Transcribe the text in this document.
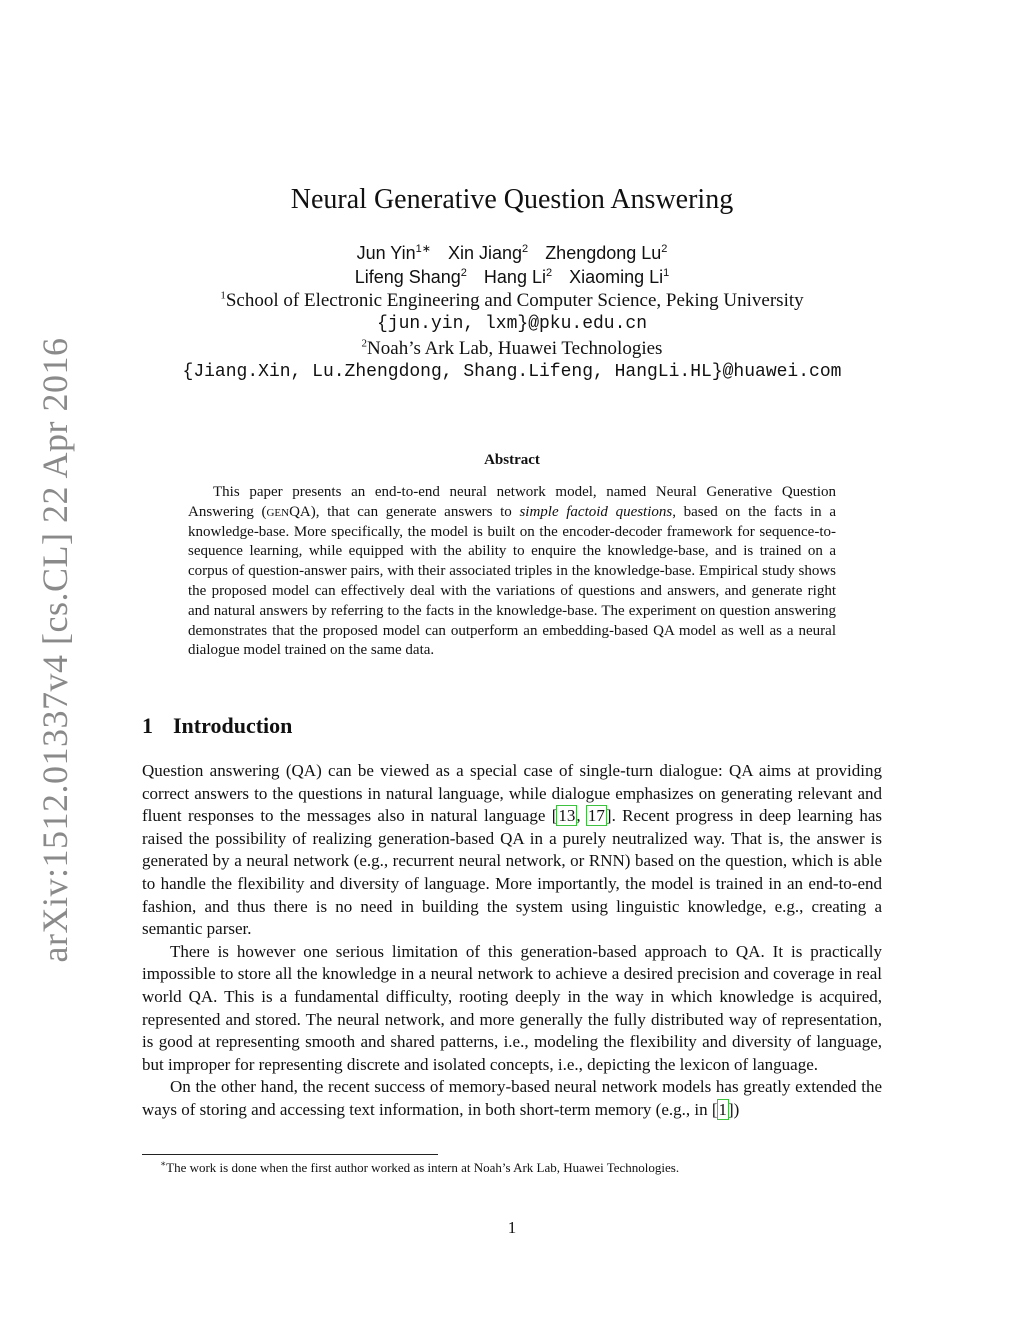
arXiv:1512.01337v4 [cs.CL] 22 Apr 2016
Neural Generative Question Answering
Jun Yin$^{1∗}$ Xin Jiang$^2$ Zhengdong Lu$^2$
Lifeng Shang$^2$ Hang Li$^2$ Xiaoming Li$^1$
$^1$School of Electronic Engineering and Computer Science, Peking University
{jun.yin, lxm}@pku.edu.cn
$^2$Noah’s Ark Lab, Huawei Technologies
{Jiang.Xin, Lu.Zhengdong, Shang.Lifeng, HangLi.HL}@huawei.com
Abstract

This paper presents an end-to-end neural network model, named Neural Generative Question Answering (genQA), that can generate answers to simple factoid questions, based on the facts in a knowledge-base. More specifically, the model is built on the encoder-decoder framework for sequence-to-sequence learning, while equipped with the ability to enquire the knowledge-base, and is trained on a corpus of question-answer pairs, with their associated triples in the knowledge-base. Empirical study shows the proposed model can effectively deal with the variations of questions and answers, and generate right and natural answers by referring to the facts in the knowledge-base. The experiment on question answering demonstrates that the proposed model can outperform an embedding-based QA model as well as a neural dialogue model trained on the same data.

1 Introduction

Question answering (QA) can be viewed as a special case of single-turn dialogue: QA aims at providing correct answers to the questions in natural language, while dialogue emphasizes on generating relevant and fluent responses to the messages also in natural language [13, 17]. Recent progress in deep learning has raised the possibility of realizing generation-based QA in a purely neutralized way. That is, the answer is generated by a neural network (e.g., recurrent neural network, or RNN) based on the question, which is able to handle the flexibility and diversity of language. More importantly, the model is trained in an end-to-end fashion, and thus there is no need in building the system using linguistic knowledge, e.g., creating a semantic parser.

There is however one serious limitation of this generation-based approach to QA. It is practically impossible to store all the knowledge in a neural network to achieve a desired precision and coverage in real world QA. This is a fundamental difficulty, rooting deeply in the way in which knowledge is acquired, represented and stored. The neural network, and more generally the fully distributed way of representation, is good at representing smooth and shared patterns, i.e., modeling the flexibility and diversity of language, but improper for representing discrete and isolated concepts, i.e., depicting the lexicon of language.

On the other hand, the recent success of memory-based neural network models has greatly extended the ways of storing and accessing text information, in both short-term memory (e.g., in [1])

∗The work is done when the first author worked as intern at Noah’s Ark Lab, Huawei Technologies.
1
